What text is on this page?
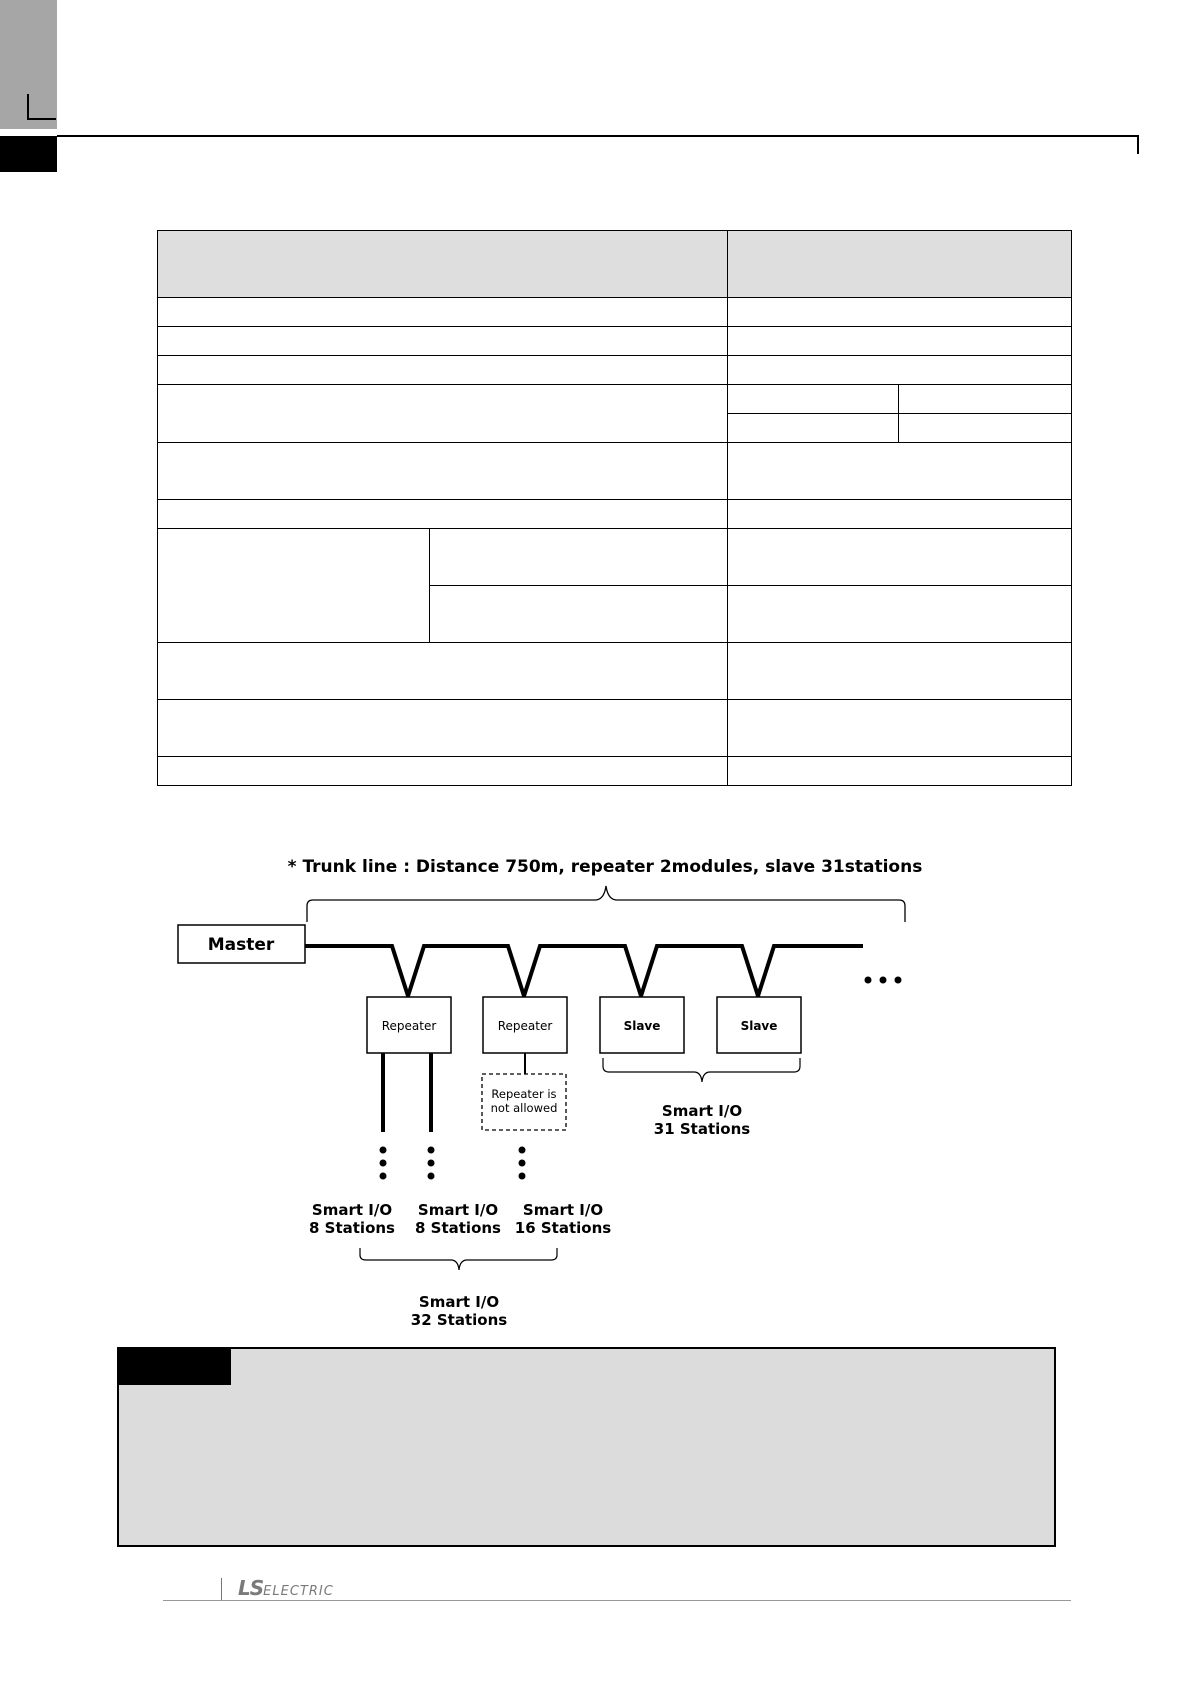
* Trunk line : Distance 750m, repeater 2modules, slave 31stations
Master
Repeater	Repeater	Slave	Slave
Repeater is
not allowed	Smart I/O
31 Stations
Smart I/O
8 Stations
Smart I/O
8 Stations
Smart I/O
16 Stations
Smart I/O
32 Stations
LSELECTRIC
